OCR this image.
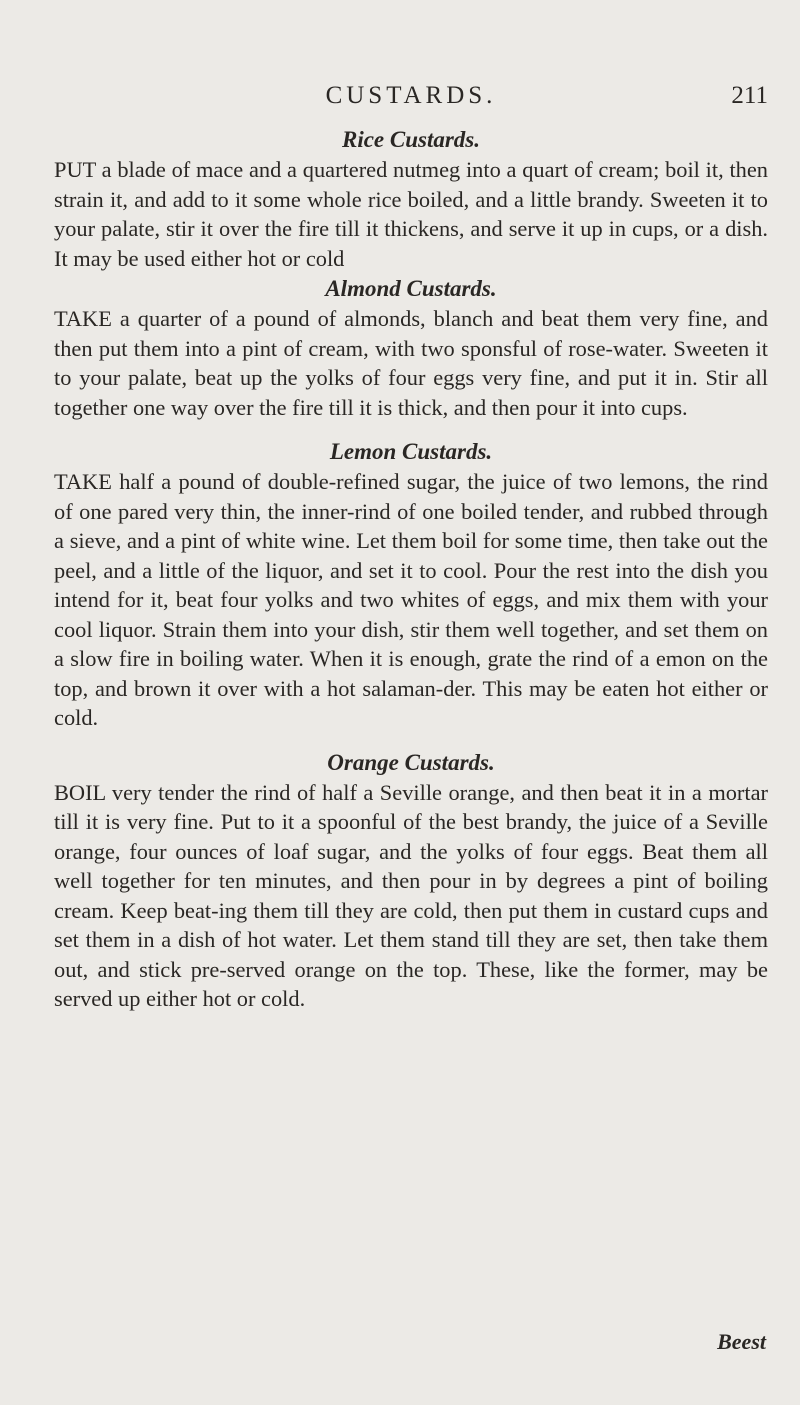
CUSTARDS.	211
Rice Custards.

PUT a blade of mace and a quartered nutmeg into a quart of cream; boil it, then strain it, and add to it some whole rice boiled, and a little brandy. Sweeten it to your palate, stir it over the fire till it thickens, and serve it up in cups, or a dish. It may be used either hot or cold

Almond Custards.

TAKE a quarter of a pound of almonds, blanch and beat them very fine, and then put them into a pint of cream, with two sponsful of rose-water. Sweeten it to your palate, beat up the yolks of four eggs very fine, and put it in. Stir all together one way over the fire till it is thick, and then pour it into cups.

Lemon Custards.

TAKE half a pound of double-refined sugar, the juice of two lemons, the rind of one pared very thin, the inner-rind of one boiled tender, and rubbed through a sieve, and a pint of white wine. Let them boil for some time, then take out the peel, and a little of the liquor, and set it to cool. Pour the rest into the dish you intend for it, beat four yolks and two whites of eggs, and mix them with your cool liquor. Strain them into your dish, stir them well together, and set them on a slow fire in boiling water. When it is enough, grate the rind of a emon on the top, and brown it over with a hot salaman-der. This may be eaten hot either or cold.

Orange Custards.

BOIL very tender the rind of half a Seville orange, and then beat it in a mortar till it is very fine. Put to it a spoonful of the best brandy, the juice of a Seville orange, four ounces of loaf sugar, and the yolks of four eggs. Beat them all well together for ten minutes, and then pour in by degrees a pint of boiling cream. Keep beat-ing them till they are cold, then put them in custard cups and set them in a dish of hot water. Let them stand till they are set, then take them out, and stick pre-served orange on the top. These, like the former, may be served up either hot or cold.

Beest
